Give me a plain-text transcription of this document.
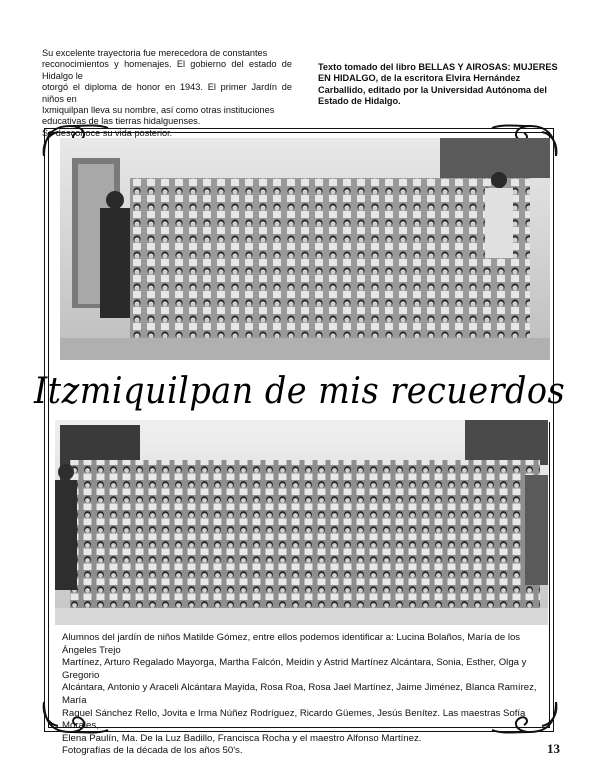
Su excelente trayectoria fue merecedora de constantes
reconocimientos y homenajes. El gobierno del estado de Hidalgo le
otorgó el diploma de honor en 1943. El primer Jardín de niños en
Ixmiquilpan lleva su nombre, así como otras instituciones
educativas de las tierras hidalguenses.
Se desconoce su vida posterior.

Texto tomado del libro BELLAS Y AIROSAS: MUJERES EN HIDALGO, de la escritora Elvira Hernández Carballido, editado por la Universidad Autónoma del Estado de Hidalgo.

Itzmiquilpan de mis recuerdos

Alumnos del jardín de niños Matilde Gómez, entre ellos podemos identificar a: Lucina Bolaños, María de los Ángeles Trejo
Martínez, Arturo Regalado Mayorga, Martha Falcón, Meidin y Astrid Martínez Alcántara, Sonia, Esther, Olga y Gregorio
Alcántara, Antonio y Araceli Alcántara Mayida, Rosa Roa, Rosa Jael Martínez, Jaime Jiménez, Blanca Ramírez, María
Raquel Sánchez Rello, Jovita e Irma Núñez Rodríguez, Ricardo Güemes, Jesús Benítez. Las maestras Sofía Morales,
Elena Paulín, Ma. De la Luz Badillo, Francisca Rocha y el maestro Alfonso Martínez.
Fotografías de la década de los años 50's.	13
